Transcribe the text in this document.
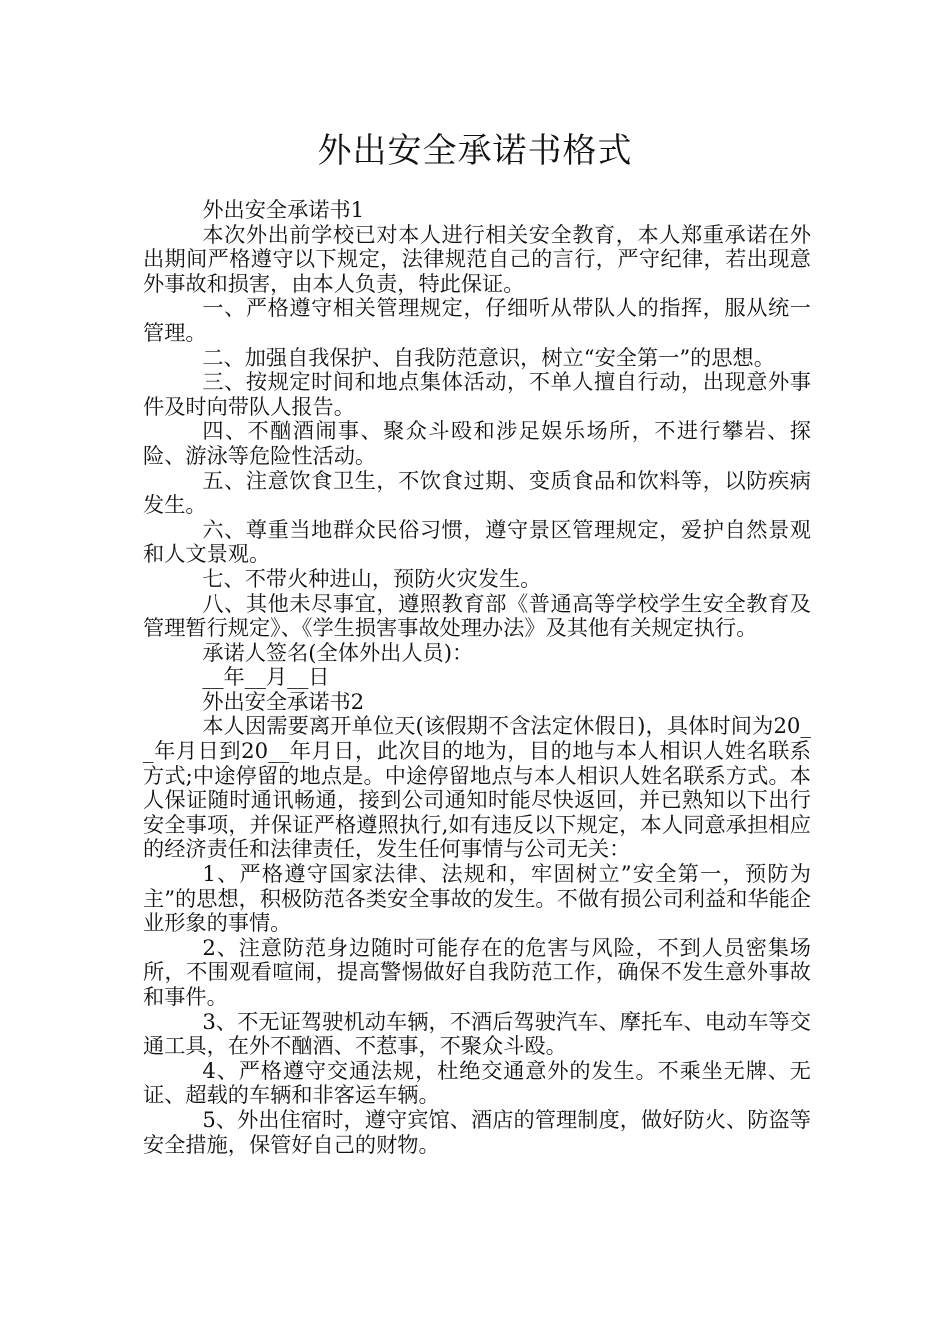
外出安全承诺书格式

外出安全承诺书1

本次外出前学校已对本人进行相关安全教育，本人郑重承诺在外出期间严格遵守以下规定，法律规范自己的言行，严守纪律，若出现意外事故和损害，由本人负责，特此保证。

一、严格遵守相关管理规定，仔细听从带队人的指挥，服从统一管理。

二、加强自我保护、自我防范意识，树立“安全第一”的思想。

三、按规定时间和地点集体活动，不单人擅自行动，出现意外事件及时向带队人报告。

四、不酗酒闹事、聚众斗殴和涉足娱乐场所，不进行攀岩、探险、游泳等危险性活动。

五、注意饮食卫生，不饮食过期、变质食品和饮料等，以防疾病发生。

六、尊重当地群众民俗习惯，遵守景区管理规定，爱护自然景观和人文景观。

七、不带火种进山，预防火灾发生。

八、其他未尽事宜，遵照教育部《普通高等学校学生安全教育及管理暂行规定》、《学生损害事故处理办法》及其他有关规定执行。

承诺人签名(全体外出人员)：

__年__月__日

外出安全承诺书2

本人因需要离开单位天(该假期不含法定休假日)，具体时间为20__年月日到20__年月日，此次目的地为，目的地与本人相识人姓名联系方式;中途停留的地点是。中途停留地点与本人相识人姓名联系方式。本人保证随时通讯畅通，接到公司通知时能尽快返回，并已熟知以下出行安全事项，并保证严格遵照执行,如有违反以下规定，本人同意承担相应的经济责任和法律责任，发生任何事情与公司无关：

1、严格遵守国家法律、法规和，牢固树立”安全第一，预防为主”的思想，积极防范各类安全事故的发生。不做有损公司利益和华能企业形象的事情。

2、注意防范身边随时可能存在的危害与风险，不到人员密集场所，不围观看喧闹，提高警惕做好自我防范工作，确保不发生意外事故和事件。

3、不无证驾驶机动车辆，不酒后驾驶汽车、摩托车、电动车等交通工具，在外不酗酒、不惹事，不聚众斗殴。

4、严格遵守交通法规，杜绝交通意外的发生。不乘坐无牌、无证、超载的车辆和非客运车辆。

5、外出住宿时，遵守宾馆、酒店的管理制度，做好防火、防盗等安全措施，保管好自己的财物。
